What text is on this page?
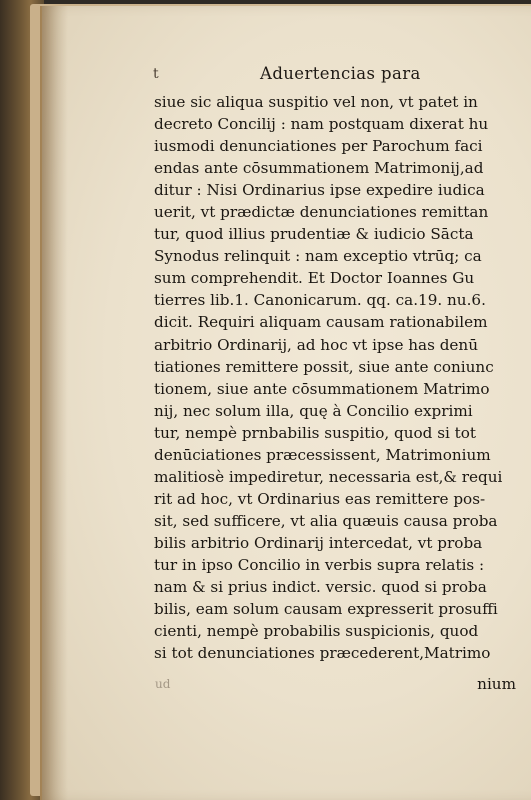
t	Aduertencias para
siue sic aliqua suspitio vel non, vt patet in
decreto Concilij : nam postquam dixerat hu
iusmodi denunciationes per Parochum faci
endas ante cōsummationem Matrimonij,ad
ditur : Nisi Ordinarius ipse expedire iudica
uerit, vt prædictæ denunciationes remittan
tur, quod illius prudentiæ & iudicio Sācta
Synodus relinquit : nam exceptio vtrūq; ca
sum comprehendit. Et Doctor Ioannes Gu
tierres lib.1. Canonicarum. qq. ca.19. nu.6.
dicit. Requiri aliquam causam rationabilem
arbitrio Ordinarij, ad hoc vt ipse has denū
tiationes remittere possit, siue ante coniunc
tionem, siue ante cōsummationem Matrimo
nij, nec solum illa, quę à Concilio exprimi
tur, nempè prnbabilis suspitio, quod si tot
denūciationes præcessissent, Matrimonium
malitiosè impediretur, necessaria est,& requi
rit ad hoc, vt Ordinarius eas remittere pos-
sit, sed sufficere, vt alia quæuis causa proba
bilis arbitrio Ordinarij intercedat, vt proba
tur in ipso Concilio in verbis supra relatis :
nam & si prius indict. versic. quod si proba
bilis, eam solum causam expresserit prosuffi
cienti, nempè probabilis suspicionis, quod
si tot denunciationes præcederent,Matrimo
ud	nium
